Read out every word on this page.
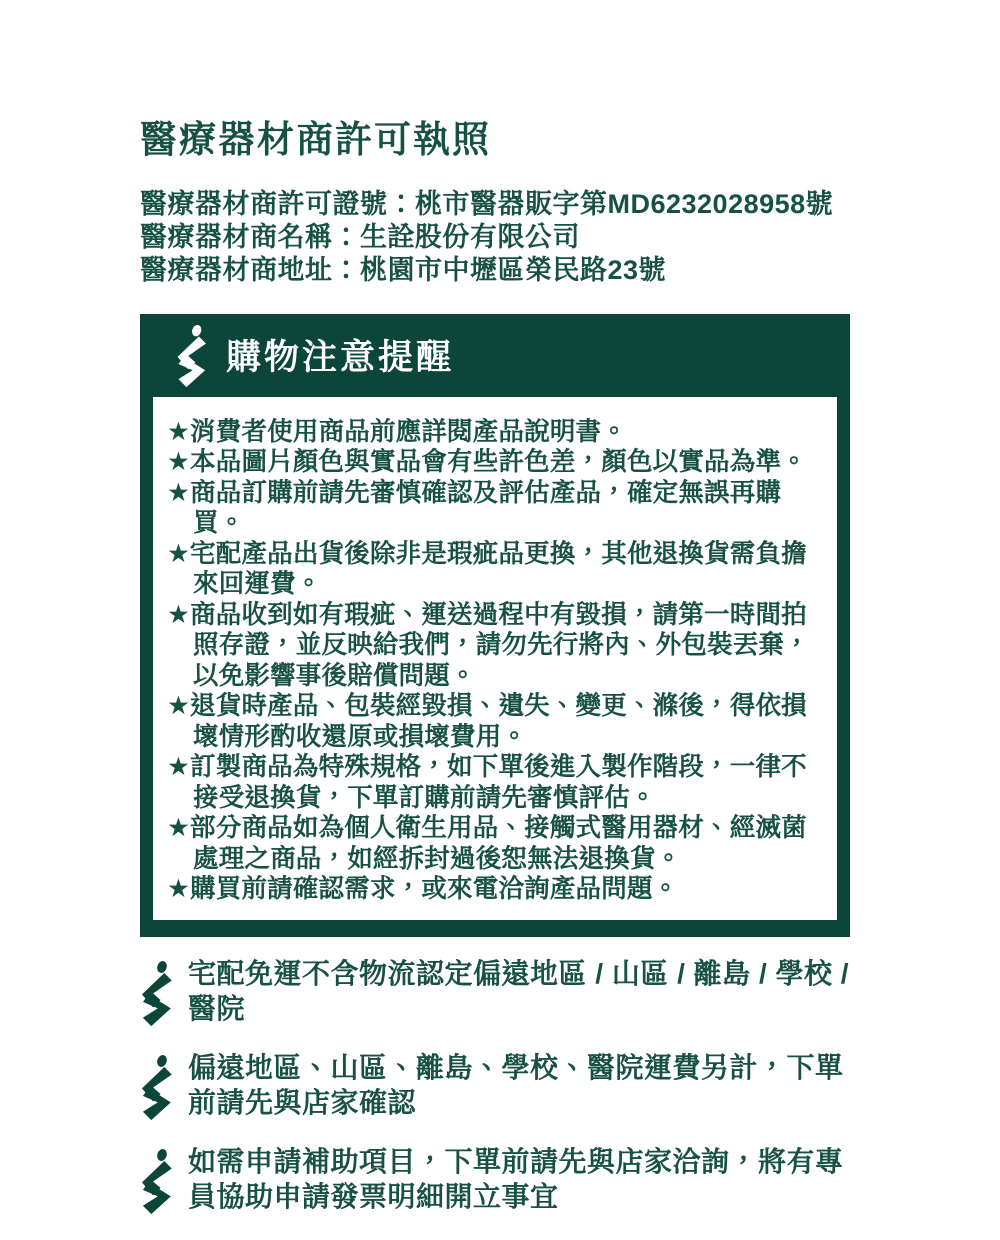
醫療器材商許可執照
醫療器材商許可證號：桃市醫器販字第MD6232028958號
醫療器材商名稱：生詮股份有限公司
醫療器材商地址：桃園市中壢區榮民路23號
購物注意提醒
★消費者使用商品前應詳閱產品說明書。
★本品圖片顏色與實品會有些許色差，顏色以實品為準。
★商品訂購前請先審慎確認及評估產品，確定無誤再購買。
★宅配產品出貨後除非是瑕疵品更換，其他退換貨需負擔來回運費。
★商品收到如有瑕疵、運送過程中有毀損，請第一時間拍照存證，並反映給我們，請勿先行將內、外包裝丟棄，以免影響事後賠償問題。
★退貨時產品、包裝經毀損、遺失、變更、滌後，得依損壞情形酌收還原或損壞費用。
★訂製商品為特殊規格，如下單後進入製作階段，一律不接受退換貨，下單訂購前請先審慎評估。
★部分商品如為個人衛生用品、接觸式醫用器材、經滅菌處理之商品，如經拆封過後恕無法退換貨。
★購買前請確認需求，或來電洽詢產品問題。
宅配免運不含物流認定偏遠地區 / 山區 / 離島 / 學校 / 醫院
偏遠地區、山區、離島、學校、醫院運費另計，下單前請先與店家確認
如需申請補助項目，下單前請先與店家洽詢，將有專員協助申請發票明細開立事宜
